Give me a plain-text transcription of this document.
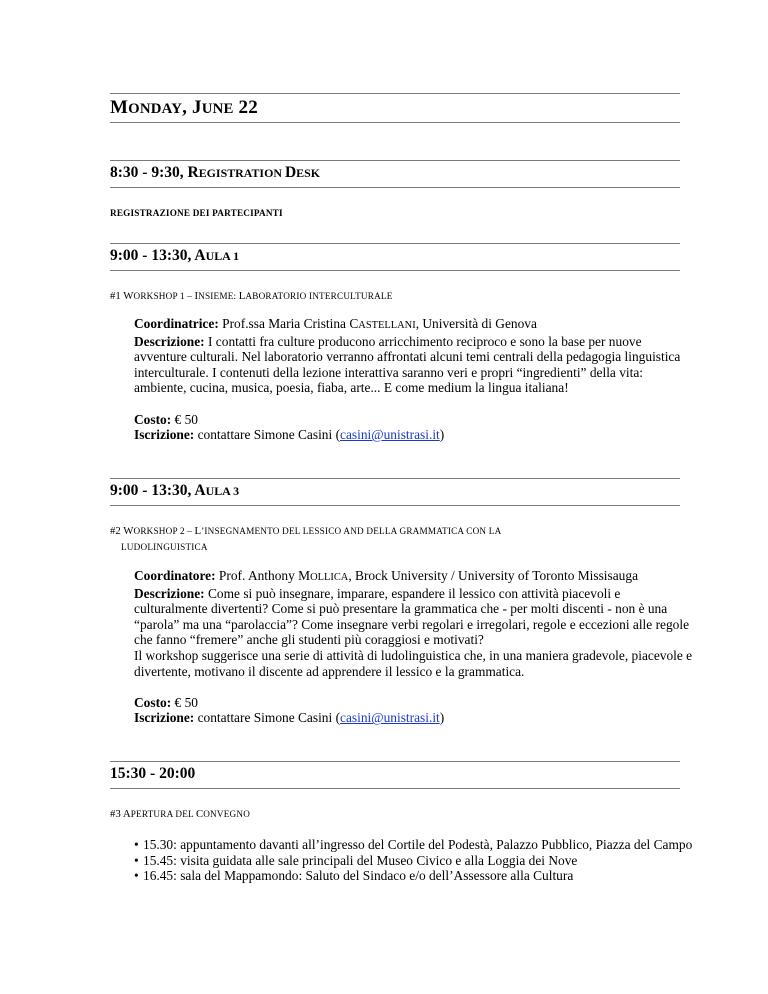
MONDAY, JUNE 22
8:30 - 9:30, REGISTRATION DESK
REGISTRAZIONE DEI PARTECIPANTI
9:00 - 13:30, AULA 1
#1 WORKSHOP 1 – INSIEME: LABORATORIO INTERCULTURALE

Coordinatrice: Prof.ssa Maria Cristina CASTELLANI, Università di Genova

Descrizione: I contatti fra culture producono arricchimento reciproco e sono la base per nuove avventure culturali. Nel laboratorio verranno affrontati alcuni temi centrali della pedagogia linguistica interculturale. I contenuti della lezione interattiva saranno veri e propri “ingredienti” della vita: ambiente, cucina, musica, poesia, fiaba, arte... E come medium la lingua italiana!

Costo: € 50

Iscrizione: contattare Simone Casini (casini@unistrasi.it)

9:00 - 13:30, AULA 3
#2 WORKSHOP 2 – L’INSEGNAMENTO DEL LESSICO AND DELLA GRAMMATICA CON LA
LUDOLINGUISTICA

Coordinatore: Prof. Anthony MOLLICA, Brock University / University of Toronto Missisauga

Descrizione: Come si può insegnare, imparare, espandere il lessico con attività piacevoli e culturalmente divertenti? Come si può presentare la grammatica che - per molti discenti - non è una “parola” ma una “parolaccia”? Come insegnare verbi regolari e irregolari, regole e eccezioni alle regole che fanno “fremere” anche gli studenti più coraggiosi e motivati?

Il workshop suggerisce una serie di attività di ludolinguistica che, in una maniera gradevole, piacevole e divertente, motivano il discente ad apprendere il lessico e la grammatica.

Costo: € 50

Iscrizione: contattare Simone Casini (casini@unistrasi.it)

15:30 - 20:00
#3 APERTURA DEL CONVEGNO
• 15.30: appuntamento davanti all’ingresso del Cortile del Podestà, Palazzo Pubblico, Piazza del Campo
• 15.45: visita guidata alle sale principali del Museo Civico e alla Loggia dei Nove
• 16.45: sala del Mappamondo: Saluto del Sindaco e/o dell’Assessore alla Cultura
